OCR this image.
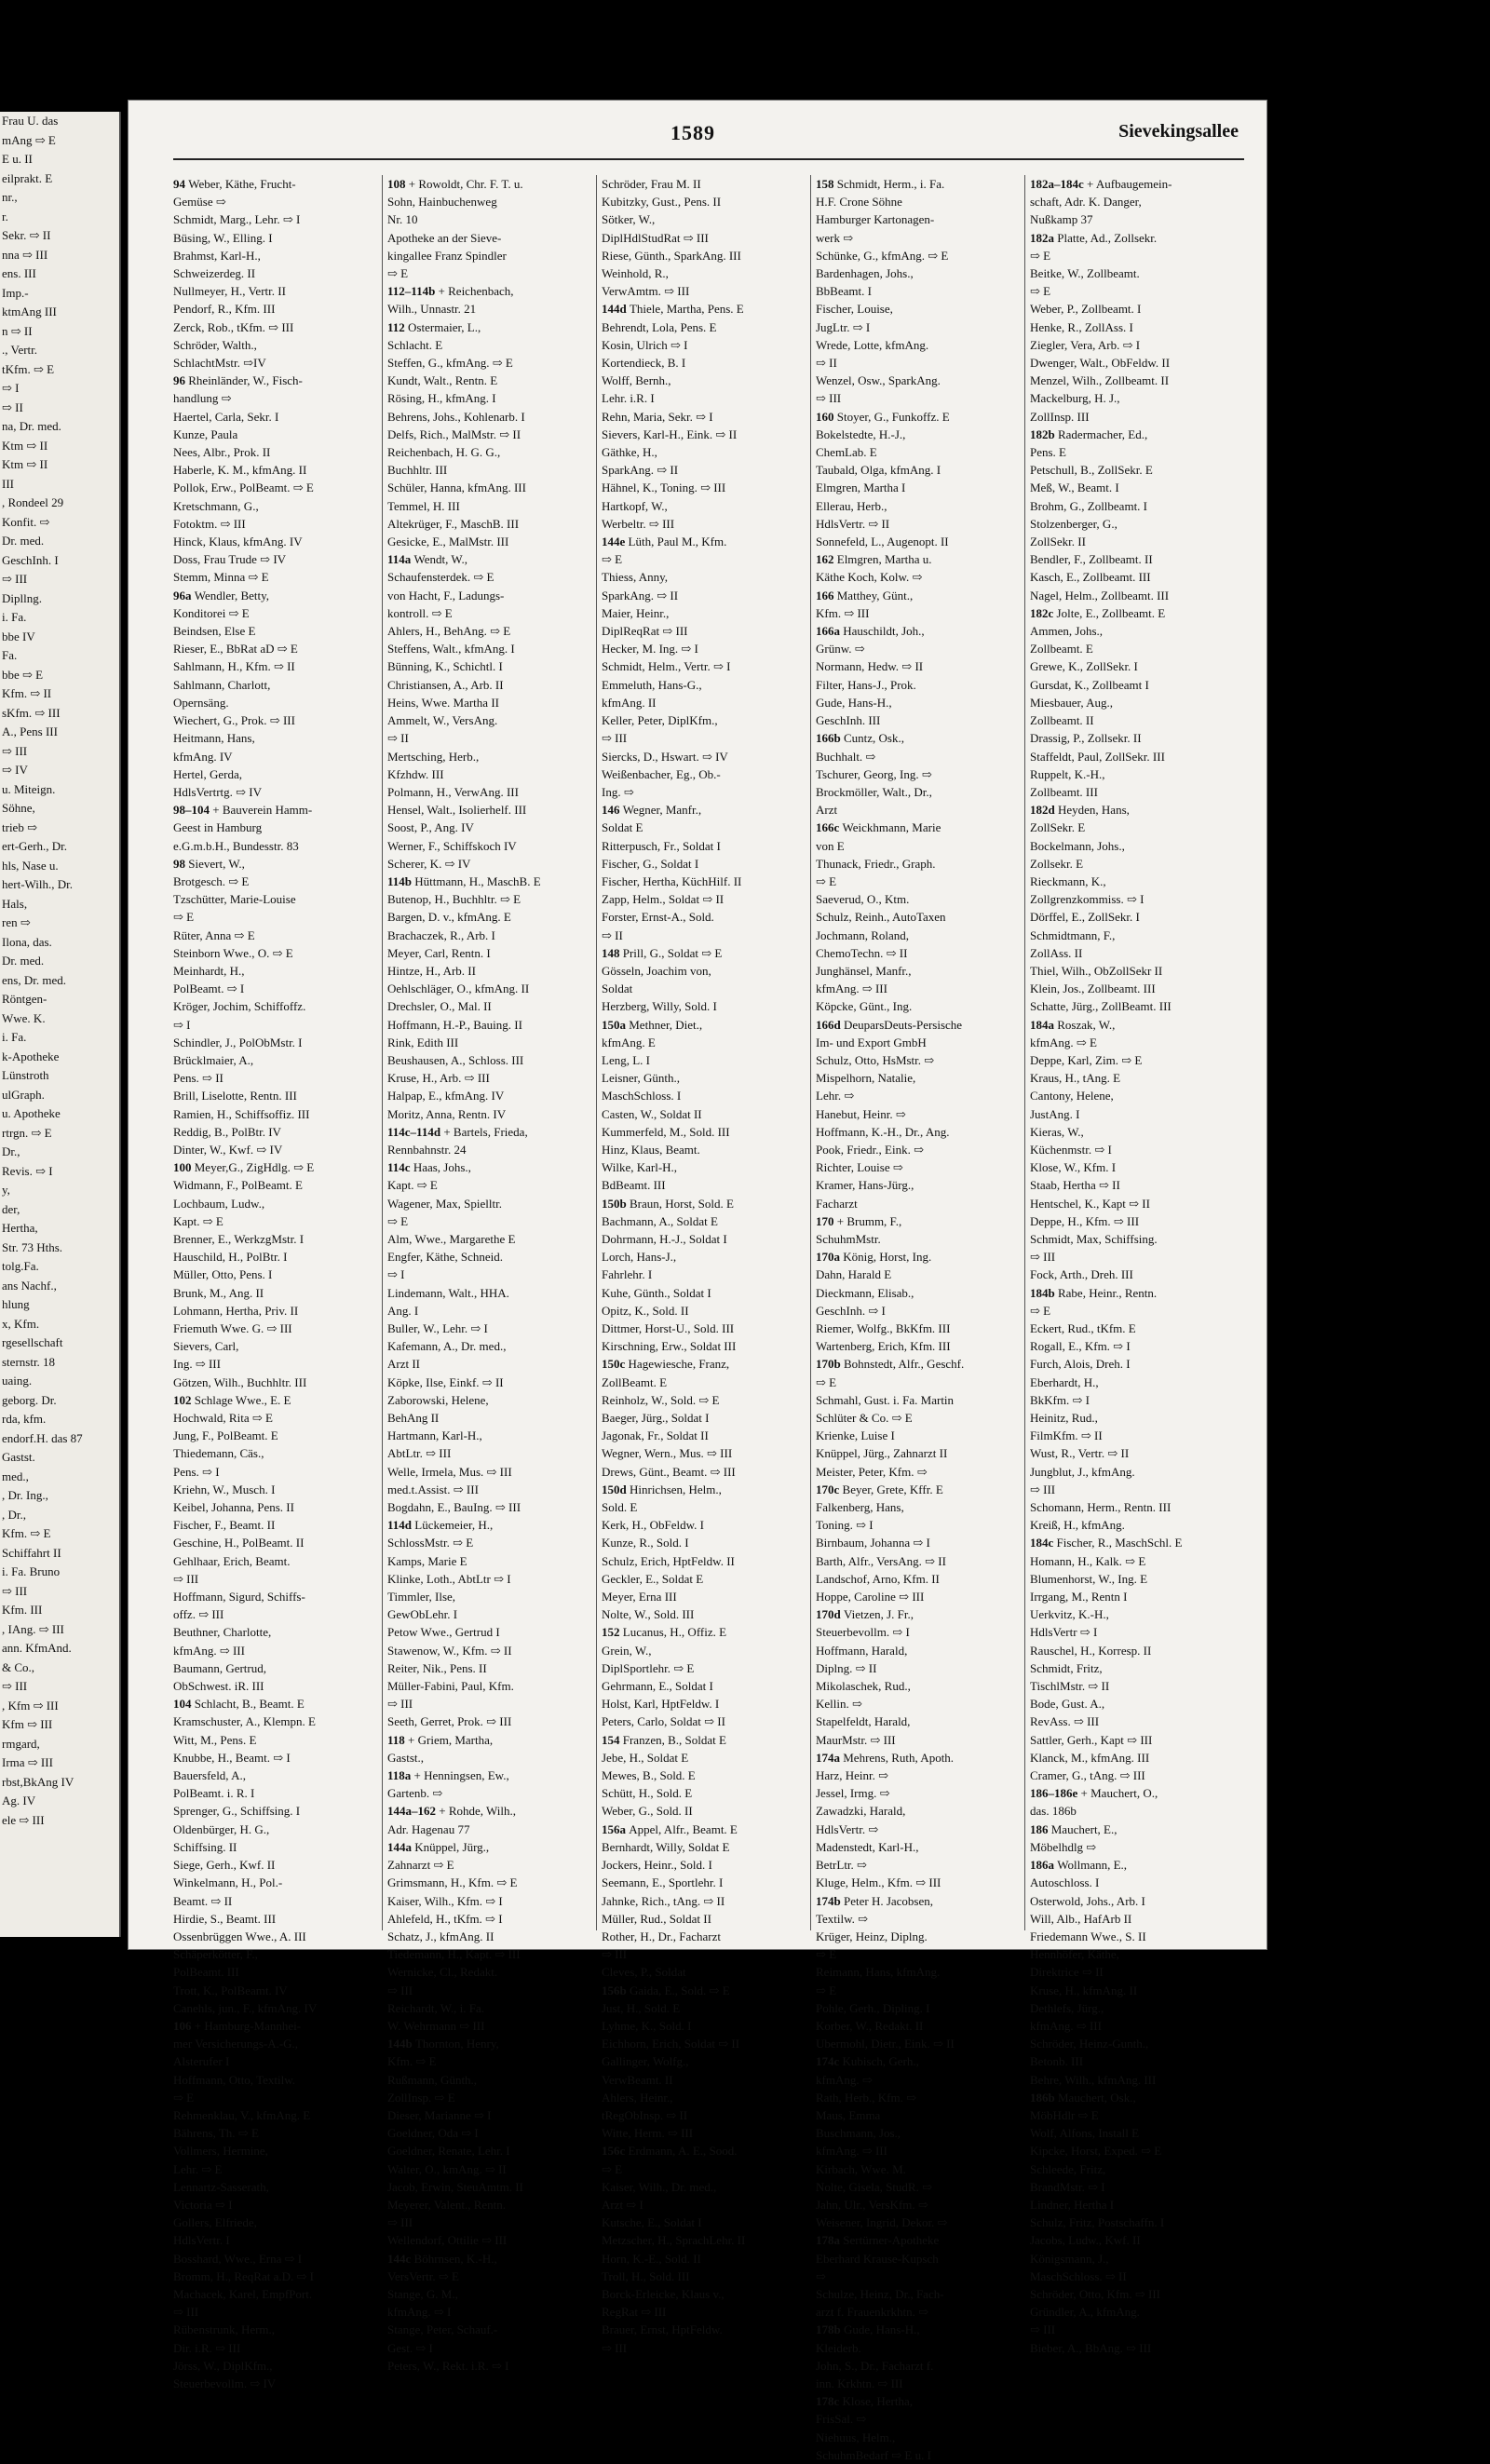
Frau U. das
mAng ⇨ E
E u. II
eilprakt. E
nr.,
r.
Sekr. ⇨ II
nna ⇨ III
ens. III
Imp.-
ktmAng III
n ⇨ II
., Vertr.
tKfm. ⇨ E
⇨ I
⇨ II
na, Dr. med.
Ktm ⇨ II
Ktm ⇨ II
III
, Rondeel 29
Konfit. ⇨
Dr. med.
GeschInh. I
⇨ III
Dipllng.
i. Fa.
bbe IV
Fa.
bbe ⇨ E
Kfm. ⇨ II
sKfm. ⇨ III
A., Pens III
⇨ III
⇨ IV
u. Miteign.
Söhne,
trieb ⇨
ert-Gerh., Dr.
hls, Nase u.
hert-Wilh., Dr.
Hals,
ren ⇨
Ilona, das.
Dr. med.
ens, Dr. med.
Röntgen-
Wwe. K.
i. Fa.
k-Apotheke
Lünstroth
ulGraph.
u. Apotheke
rtrgn. ⇨ E
Dr.,
Revis. ⇨ I
y,
der,
Hertha,
Str. 73 Hths.
tolg.Fa.
ans Nachf.,
hlung
x, Kfm.
rgesellschaft
sternstr. 18
uaing.
geborg. Dr.
rda, kfm.
endorf.H. das 87
Gastst.
med.,
, Dr. Ing.,
, Dr.,
Kfm. ⇨ E
Schiffahrt II
i. Fa. Bruno
⇨ III
Kfm. III
, IAng. ⇨ III
ann. KfmAnd.
& Co.,
⇨ III
, Kfm ⇨ III
Kfm ⇨ III
rmgard,
Irma ⇨ III
rbst,BkAng IV
Ag. IV
ele ⇨ III
1589	Sievekingsallee
94 Weber, Käthe, Frucht-
Gemüse ⇨
Schmidt, Marg., Lehr. ⇨ I
Büsing, W., Elling. I
Brahmst, Karl-H.,
Schweizerdeg. II
Nullmeyer, H., Vertr. II
Pendorf, R., Kfm. III
Zerck, Rob., tKfm. ⇨ III
Schröder, Walth.,
SchlachtMstr. ⇨IV
96 Rheinländer, W., Fisch-
handlung ⇨
Haertel, Carla, Sekr. I
Kunze, Paula
Nees, Albr., Prok. II
Haberle, K. M., kfmAng. II
Pollok, Erw., PolBeamt. ⇨ E
Kretschmann, G.,
Fotoktm. ⇨ III
Hinck, Klaus, kfmAng. IV
Doss, Frau Trude ⇨ IV
Stemm, Minna ⇨ E
96a Wendler, Betty,
Konditorei ⇨ E
Beindsen, Else E
Rieser, E., BbRat aD ⇨ E
Sahlmann, H., Kfm. ⇨ II
Sahlmann, Charlott,
Opernsäng.
Wiechert, G., Prok. ⇨ III
Heitmann, Hans,
kfmAng. IV
Hertel, Gerda,
HdlsVertrtg. ⇨ IV
98–104 + Bauverein Hamm-
Geest in Hamburg
e.G.m.b.H., Bundesstr. 83
98 Sievert, W.,
Brotgesch. ⇨ E
Tzschütter, Marie-Louise
⇨ E
Rüter, Anna ⇨ E
Steinborn Wwe., O. ⇨ E
Meinhardt, H.,
PolBeamt. ⇨ I
Kröger, Jochim, Schiffoffz.
⇨ I
Schindler, J., PolObMstr. I
Brücklmaier, A.,
Pens. ⇨ II
Brill, Liselotte, Rentn. III
Ramien, H., Schiffsoffiz. III
Reddig, B., PolBtr. IV
Dinter, W., Kwf. ⇨ IV
100 Meyer,G., ZigHdlg. ⇨ E
Widmann, F., PolBeamt. E
Lochbaum, Ludw.,
Kapt. ⇨ E
Brenner, E., WerkzgMstr. I
Hauschild, H., PolBtr. I
Müller, Otto, Pens. I
Brunk, M., Ang. II
Lohmann, Hertha, Priv. II
Friemuth Wwe. G. ⇨ III
Sievers, Carl,
Ing. ⇨ III
Götzen, Wilh., Buchhltr. III
102 Schlage Wwe., E. E
Hochwald, Rita ⇨ E
Jung, F., PolBeamt. E
Thiedemann, Cäs.,
Pens. ⇨ I
Kriehn, W., Musch. I
Keibel, Johanna, Pens. II
Fischer, F., Beamt. II
Geschine, H., PolBeamt. II
Gehlhaar, Erich, Beamt.
⇨ III
Hoffmann, Sigurd, Schiffs-
offz. ⇨ III
Beuthner, Charlotte,
kfmAng. ⇨ III
Baumann, Gertrud,
ObSchwest. iR. III
104 Schlacht, B., Beamt. E
Kramschuster, A., Klempn. E
Witt, M., Pens. E
Knubbe, H., Beamt. ⇨ I
Bauersfeld, A.,
PolBeamt. i. R. I
Sprenger, G., Schiffsing. I
Oldenbürger, H. G.,
Schiffsing. II
Siege, Gerh., Kwf. II
Winkelmann, H., Pol.-
Beamt. ⇨ II
Hirdie, S., Beamt. III
Ossenbrüggen Wwe., A. III
Schäperkötter, F.,
PolBeamt. III
Trott, K., PolBeamt. IV
Canehls, jun., F., kfmAng. IV
106 + Hamburg-Mannhei-
mer Versicherungs-A.-G.,
Alsterufer I
Hoffmann, Otto, Textilw.
⇨ E
Rehmenklau, V., kfmAng. E
Bährens, Th. ⇨ E
Vollmers, Hermine,
Lehr. ⇨ E
Lennartz-Sasserath,
Victoria ⇨ I
Gollers, Elfriede,
HdlsVertr. I
Bosshard, Wwe., Erna ⇨ I
Bromm, H., ReqRat a.D. ⇨ I
Machacek, Karel, EmpfPort.
⇨ III
Rübenstrunk, Herm.,
Dir. i.R. ⇨ III
Jörss, W., DiplKfm.,
Steuerbevollm. ⇨ IV
108 + Rowoldt, Chr. F. T. u.
Sohn, Hainbuchenweg
Nr. 10
Apotheke an der Sieve-
kingallee Franz Spindler
⇨ E
112–114b + Reichenbach,
Wilh., Unnastr. 21
112 Ostermaier, L.,
Schlacht. E
Steffen, G., kfmAng. ⇨ E
Kundt, Walt., Rentn. E
Rösing, H., kfmAng. I
Behrens, Johs., Kohlenarb. I
Delfs, Rich., MalMstr. ⇨ II
Reichenbach, H. G. G.,
Buchhltr. III
Schüler, Hanna, kfmAng. III
Temmel, H. III
Altekrüger, F., MaschB. III
Gesicke, E., MalMstr. III
114a Wendt, W.,
Schaufensterdek. ⇨ E
von Hacht, F., Ladungs-
kontroll. ⇨ E
Ahlers, H., BehAng. ⇨ E
Steffens, Walt., kfmAng. I
Bünning, K., Schichtl. I
Christiansen, A., Arb. II
Heins, Wwe. Martha II
Ammelt, W., VersAng.
⇨ II
Mertsching, Herb.,
Kfzhdw. III
Polmann, H., VerwAng. III
Hensel, Walt., Isolierhelf. III
Soost, P., Ang. IV
Werner, F., Schiffskoch IV
Scherer, K. ⇨ IV
114b Hüttmann, H., MaschB. E
Butenop, H., Buchhltr. ⇨ E
Bargen, D. v., kfmAng. E
Brachaczek, R., Arb. I
Meyer, Carl, Rentn. I
Hintze, H., Arb. II
Oehlschläger, O., kfmAng. II
Drechsler, O., Mal. II
Hoffmann, H.-P., Bauing. II
Rink, Edith III
Beushausen, A., Schloss. III
Kruse, H., Arb. ⇨ III
Halpap, E., kfmAng. IV
Moritz, Anna, Rentn. IV
114c–114d + Bartels, Frieda,
Rennbahnstr. 24
114c Haas, Johs.,
Kapt. ⇨ E
Wagener, Max, Spielltr.
⇨ E
Alm, Wwe., Margarethe E
Engfer, Käthe, Schneid.
⇨ I
Lindemann, Walt., HHA.
Ang. I
Buller, W., Lehr. ⇨ I
Kafemann, A., Dr. med.,
Arzt II
Köpke, Ilse, Einkf. ⇨ II
Zaborowski, Helene,
BehAng II
Hartmann, Karl-H.,
AbtLtr. ⇨ III
Welle, Irmela, Mus. ⇨ III
med.t.Assist. ⇨ III
Bogdahn, E., BauIng. ⇨ III
114d Lückemeier, H.,
SchlossMstr. ⇨ E
Kamps, Marie E
Klinke, Loth., AbtLtr ⇨ I
Timmler, Ilse,
GewObLehr. I
Petow Wwe., Gertrud I
Stawenow, W., Kfm. ⇨ II
Reiter, Nik., Pens. II
Müller-Fabini, Paul, Kfm.
⇨ III
Seeth, Gerret, Prok. ⇨ III
118 + Griem, Martha,
Gastst.,
118a + Henningsen, Ew.,
Gartenb. ⇨
144a–162 + Rohde, Wilh.,
Adr. Hagenau 77
144a Knüppel, Jürg.,
Zahnarzt ⇨ E
Grimsmann, H., Kfm. ⇨ E
Kaiser, Wilh., Kfm. ⇨ I
Ahlefeld, H., tKfm. ⇨ I
Schatz, J., kfmAng. II
Tiedemann, H., Kapt. ⇨ III
Wernicke, Cl., Redakt.
⇨ III
Reichardt, W., i. Fa.
W. Wehrmann ⇨ III
144b Thornton, Henry,
Kfm. ⇨ E
Rußmann, Günth.,
ZollInsp. ⇨ E
Dieser, Marianne ⇨ I
Goeldner, Oda ⇨ I
Goeldner, Renate, Lehr. I
Walter, O., kmAng. ⇨ II
Jacob, Erwin, SteuAmtm. II
Meyerer, Valent., Rentn.
⇨ III
Wellendorf, Ottilie ⇨ III
144c Böhrnsen, K.-H.,
VersVertr. ⇨ E
Stange, G. M.,
kfmAng. ⇨ I
Stange, Peter, Schauf.-
Gest. ⇨ I
Peters, W., Rekt. i.R. ⇨ I
Schröder, Frau M. II
Kubitzky, Gust., Pens. II
Sötker, W.,
DiplHdlStudRat ⇨ III
Riese, Günth., SparkAng. III
Weinhold, R.,
VerwAmtm. ⇨ III
144d Thiele, Martha, Pens. E
Behrendt, Lola, Pens. E
Kosin, Ulrich ⇨ I
Kortendieck, B. I
Wolff, Bernh.,
Lehr. i.R. I
Rehn, Maria, Sekr. ⇨ I
Sievers, Karl-H., Eink. ⇨ II
Gäthke, H.,
SparkAng. ⇨ II
Hähnel, K., Toning. ⇨ III
Hartkopf, W.,
Werbeltr. ⇨ III
144e Lüth, Paul M., Kfm.
⇨ E
Thiess, Anny,
SparkAng. ⇨ II
Maier, Heinr.,
DiplReqRat ⇨ III
Hecker, M. Ing. ⇨ I
Schmidt, Helm., Vertr. ⇨ I
Emmeluth, Hans-G.,
kfmAng. II
Keller, Peter, DiplKfm.,
⇨ III
Siercks, D., Hswart. ⇨ IV
Weißenbacher, Eg., Ob.-
Ing. ⇨
146 Wegner, Manfr.,
Soldat E
Ritterpusch, Fr., Soldat I
Fischer, G., Soldat I
Fischer, Hertha, KüchHilf. II
Zapp, Helm., Soldat ⇨ II
Forster, Ernst-A., Sold.
⇨ II
148 Prill, G., Soldat ⇨ E
Gösseln, Joachim von,
Soldat
Herzberg, Willy, Sold. I
150a Methner, Diet.,
kfmAng. E
Leng, L. I
Leisner, Günth.,
MaschSchloss. I
Casten, W., Soldat II
Kummerfeld, M., Sold. III
Hinz, Klaus, Beamt.
Wilke, Karl-H.,
BdBeamt. III
150b Braun, Horst, Sold. E
Bachmann, A., Soldat E
Dohrmann, H.-J., Soldat I
Lorch, Hans-J.,
Fahrlehr. I
Kuhe, Günth., Soldat I
Opitz, K., Sold. II
Dittmer, Horst-U., Sold. III
Kirschning, Erw., Soldat III
150c Hagewiesche, Franz,
ZollBeamt. E
Reinholz, W., Sold. ⇨ E
Baeger, Jürg., Soldat I
Jagonak, Fr., Soldat II
Wegner, Wern., Mus. ⇨ III
Drews, Günt., Beamt. ⇨ III
150d Hinrichsen, Helm.,
Sold. E
Kerk, H., ObFeldw. I
Kunze, R., Sold. I
Schulz, Erich, HptFeldw. II
Geckler, E., Soldat E
Meyer, Erna III
Nolte, W., Sold. III
152 Lucanus, H., Offiz. E
Grein, W.,
DiplSportlehr. ⇨ E
Gehrmann, E., Soldat I
Holst, Karl, HptFeldw. I
Peters, Carlo, Soldat ⇨ II
154 Franzen, B., Soldat E
Jebe, H., Soldat E
Mewes, B., Sold. E
Schütt, H., Sold. E
Weber, G., Sold. II
156a Appel, Alfr., Beamt. E
Bernhardt, Willy, Soldat E
Jockers, Heinr., Sold. I
Seemann, E., Sportlehr. I
Jahnke, Rich., tAng. ⇨ II
Müller, Rud., Soldat II
Rother, H., Dr., Facharzt
⇨ III
Cleves, P., Soldat
156b Gaida, E., Sold. ⇨ E
Just, H., Sold. E
Lyhme, K., Sold. I
Eichhorn, Erich, Soldat ⇨ II
Gallinger, Wolfg.,
VerwBeamt. II
Ahlers, Heinr.,
tRegObInsp. ⇨ II
Witte, Herm. ⇨ III
156c Erdmann, A. E., Sood.
⇨ E
Kaiser, Wilh., Dr. med.,
Arzt ⇨ I
Kutsche, E., Soldat I
Metzscher, H., SprachLehr. II
Horn, K.-E., Sold. II
Troll, H., Sold. III
Borck-Erleicke, Klaus v.,
RegRat ⇨ III
Brauer, Ernst, HptFeldw.
⇨ III
158 Schmidt, Herm., i. Fa.
H.F. Crone Söhne
Hamburger Kartonagen-
werk ⇨
Schünke, G., kfmAng. ⇨ E
Bardenhagen, Johs.,
BbBeamt. I
Fischer, Louise,
JugLtr. ⇨ I
Wrede, Lotte, kfmAng.
⇨ II
Wenzel, Osw., SparkAng.
⇨ III
160 Stoyer, G., Funkoffz. E
Bokelstedte, H.-J.,
ChemLab. E
Taubald, Olga, kfmAng. I
Elmgren, Martha I
Ellerau, Herb.,
HdlsVertr. ⇨ II
Sonnefeld, L., Augenopt. II
162 Elmgren, Martha u.
Käthe Koch, Kolw. ⇨
166 Matthey, Günt.,
Kfm. ⇨ III
166a Hauschildt, Joh.,
Grünw. ⇨
Normann, Hedw. ⇨ II
Filter, Hans-J., Prok.
Gude, Hans-H.,
GeschInh. III
166b Cuntz, Osk.,
Buchhalt. ⇨
Tschurer, Georg, Ing. ⇨
Brockmöller, Walt., Dr.,
Arzt
166c Weickhmann, Marie
von E
Thunack, Friedr., Graph.
⇨ E
Saeverud, O., Ktm.
Schulz, Reinh., AutoTaxen
Jochmann, Roland,
ChemoTechn. ⇨ II
Junghänsel, Manfr.,
kfmAng. ⇨ III
Köpcke, Günt., Ing.
166d DeuparsDeuts-Persische
Im- und Export GmbH
Schulz, Otto, HsMstr. ⇨
Mispelhorn, Natalie,
Lehr. ⇨
Hanebut, Heinr. ⇨
Hoffmann, K.-H., Dr., Ang.
Pook, Friedr., Eink. ⇨
Richter, Louise ⇨
Kramer, Hans-Jürg.,
Facharzt
170 + Brumm, F.,
SchuhmMstr.
170a König, Horst, Ing.
Dahn, Harald E
Dieckmann, Elisab.,
GeschInh. ⇨ I
Riemer, Wolfg., BkKfm. III
Wartenberg, Erich, Kfm. III
170b Bohnstedt, Alfr., Geschf.
⇨ E
Schmahl, Gust. i. Fa. Martin
Schlüter & Co. ⇨ E
Krienke, Luise I
Knüppel, Jürg., Zahnarzt II
Meister, Peter, Kfm. ⇨
170c Beyer, Grete, Kffr. E
Falkenberg, Hans,
Toning. ⇨ I
Birnbaum, Johanna ⇨ I
Barth, Alfr., VersAng. ⇨ II
Landschof, Arno, Kfm. II
Hoppe, Caroline ⇨ III
170d Vietzen, J. Fr.,
Steuerbevollm. ⇨ I
Hoffmann, Harald,
Diplng. ⇨ II
Mikolaschek, Rud.,
Kellin. ⇨
Stapelfeldt, Harald,
MaurMstr. ⇨ III
174a Mehrens, Ruth, Apoth.
Harz, Heinr. ⇨
Jessel, Irmg. ⇨
Zawadzki, Harald,
HdlsVertr. ⇨
Madenstedt, Karl-H.,
BetrLtr. ⇨
Kluge, Helm., Kfm. ⇨ III
174b Peter H. Jacobsen,
Textilw. ⇨
Krüger, Heinz, Diplng.
⇨ E
Reimann, Hans, kfmAng.
⇨ E
Pohle, Gerh., Dipling. I
Korber, W., Redakt. II
Ubermohl, Dietr., Eink. ⇨ II
174c Kubisch, Gerh.,
kfmAng. ⇨
Rath, Herb., Kfm. ⇨
Maus, Emma
Buschmann, Jos.,
kfmAng. ⇨ III
Kirbach, Wwe. M.
Nolte, Gisela, StudR. ⇨
Jahn, Ulr., VersKfm. ⇨
Weisener, Ingrid, Dekor. ⇨
178a Sertürner-Apotheke
Eberhard Krause-Kupsch
⇨
Schulze, Heinz, Dr., Fach-
arzt f. Frauenkrkhtn. ⇨
178b Gude, Hans-H.,
Kleiderb.
John, S., Dr., Facharzt f.
inn. Krkhtn. ⇨ III
178c Klose, Hertha,
FrisSal. ⇨
Niehuus, Helm.,
SchuhmBedarf ⇨ E u. I
182a–184c + Aufbaugemein-
schaft, Adr. K. Danger,
Nußkamp 37
182a Platte, Ad., Zollsekr.
⇨ E
Beitke, W., Zollbeamt.
⇨ E
Weber, P., Zollbeamt. I
Henke, R., ZollAss. I
Ziegler, Vera, Arb. ⇨ I
Dwenger, Walt., ObFeldw. II
Menzel, Wilh., Zollbeamt. II
Mackelburg, H. J.,
ZollInsp. III
182b Radermacher, Ed.,
Pens. E
Petschull, B., ZollSekr. E
Meß, W., Beamt. I
Brohm, G., Zollbeamt. I
Stolzenberger, G.,
ZollSekr. II
Bendler, F., Zollbeamt. II
Kasch, E., Zollbeamt. III
Nagel, Helm., Zollbeamt. III
182c Jolte, E., Zollbeamt. E
Ammen, Johs.,
Zollbeamt. E
Grewe, K., ZollSekr. I
Gursdat, K., Zollbeamt I
Miesbauer, Aug.,
Zollbeamt. II
Drassig, P., Zollsekr. II
Staffeldt, Paul, ZollSekr. III
Ruppelt, K.-H.,
Zollbeamt. III
182d Heyden, Hans,
ZollSekr. E
Bockelmann, Johs.,
Zollsekr. E
Rieckmann, K.,
Zollgrenzkommiss. ⇨ I
Dörffel, E., ZollSekr. I
Schmidtmann, F.,
ZollAss. II
Thiel, Wilh., ObZollSekr II
Klein, Jos., Zollbeamt. III
Schatte, Jürg., ZollBeamt. III
184a Roszak, W.,
kfmAng. ⇨ E
Deppe, Karl, Zim. ⇨ E
Kraus, H., tAng. E
Cantony, Helene,
JustAng. I
Kieras, W.,
Küchenmstr. ⇨ I
Klose, W., Kfm. I
Staab, Hertha ⇨ II
Hentschel, K., Kapt ⇨ II
Deppe, H., Kfm. ⇨ III
Schmidt, Max, Schiffsing.
⇨ III
Fock, Arth., Dreh. III
184b Rabe, Heinr., Rentn.
⇨ E
Eckert, Rud., tKfm. E
Rogall, E., Kfm. ⇨ I
Furch, Alois, Dreh. I
Eberhardt, H.,
BkKfm. ⇨ I
Heinitz, Rud.,
FilmKfm. ⇨ II
Wust, R., Vertr. ⇨ II
Jungblut, J., kfmAng.
⇨ III
Schomann, Herm., Rentn. III
Kreiß, H., kfmAng.
184c Fischer, R., MaschSchl. E
Homann, H., Kalk. ⇨ E
Blumenhorst, W., Ing. E
Irrgang, M., Rentn I
Uerkvitz, K.-H.,
HdlsVertr ⇨ I
Rauschel, H., Korresp. II
Schmidt, Fritz,
TischlMstr. ⇨ II
Bode, Gust. A.,
RevAss. ⇨ III
Sattler, Gerh., Kapt ⇨ III
Klanck, M., kfmAng. III
Cramer, G., tAng. ⇨ III
186–186e + Mauchert, O.,
das. 186b
186 Mauchert, E.,
Möbelhdlg ⇨
186a Wollmann, E.,
Autoschloss. I
Osterwold, Johs., Arb. I
Will, Alb., HafArb II
Friedemann Wwe., S. II
Hennhöfer, Käthe,
Direktrice ⇨ II
Kruse, H., kfmAng. II
Dethlefs, Jürg.,
kfmAng. ⇨ III
Schröder, Heinz-Gunth.,
Betonb. III
Behre, Wilh., kfmAng. III
186b Mauchert, Osk.,
MöbHdlr ⇨ E
Wolf, Alfons, Install E
Kipcke, Horst, Exped. ⇨ E
Schleede, Fritz,
BrandMstr. ⇨ I
Lindner, Hertha I
Schulz, Fritz, Postschaffn. I
Jacobs, Ludw., Kwf. II
Königsmann, J.,
MaschSchloss. ⇨ II
Schröder, Otto, Kfm. ⇨ III
Gründler, A., kfmAng.
⇨ III
Bieber, A., BbAng. ⇨ III
